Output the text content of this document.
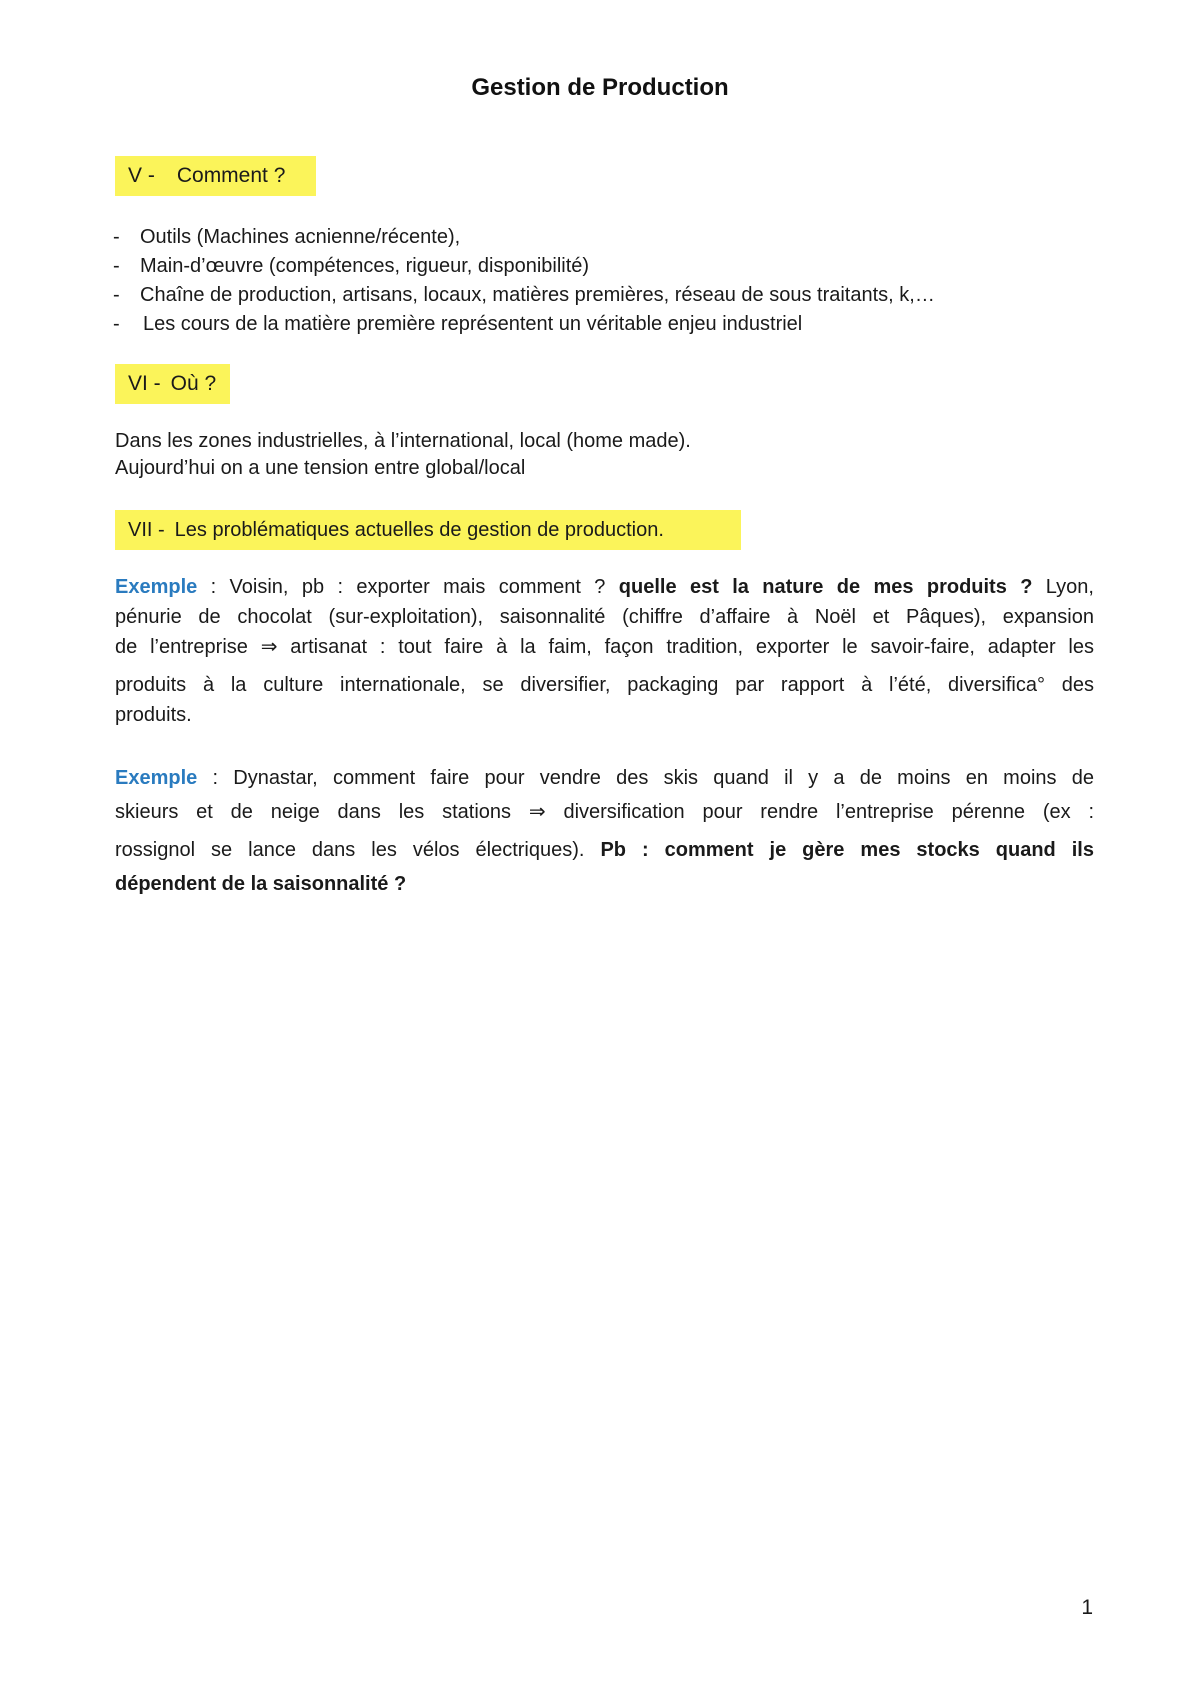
Gestion de Production
V - Comment ?
- Outils (Machines acnienne/récente),
- Main-d’œuvre (compétences, rigueur, disponibilité)
- Chaîne de production, artisans, locaux, matières premières, réseau de sous traitants, k,…
- Les cours de la matière première représentent un véritable enjeu industriel
VI - Où ?
Dans les zones industrielles, à l’international, local (home made).
Aujourd’hui on a une tension entre global/local
VII - Les problématiques actuelles de gestion de production.
Exemple : Voisin, pb : exporter mais comment ? quelle est la nature de mes produits ? Lyon,
pénurie de chocolat (sur-exploitation), saisonnalité (chiffre d’affaire à Noël et Pâques), expansion
de l’entreprise ⇒ artisanat : tout faire à la faim, façon tradition, exporter le savoir-faire, adapter les
produits à la culture internationale, se diversifier, packaging par rapport à l’été, diversifica° des
produits.
Exemple : Dynastar, comment faire pour vendre des skis quand il y a de moins en moins de
skieurs et de neige dans les stations ⇒ diversification pour rendre l’entreprise pérenne (ex :
rossignol se lance dans les vélos électriques). Pb : comment je gère mes stocks quand ils
dépendent de la saisonnalité ?
1
